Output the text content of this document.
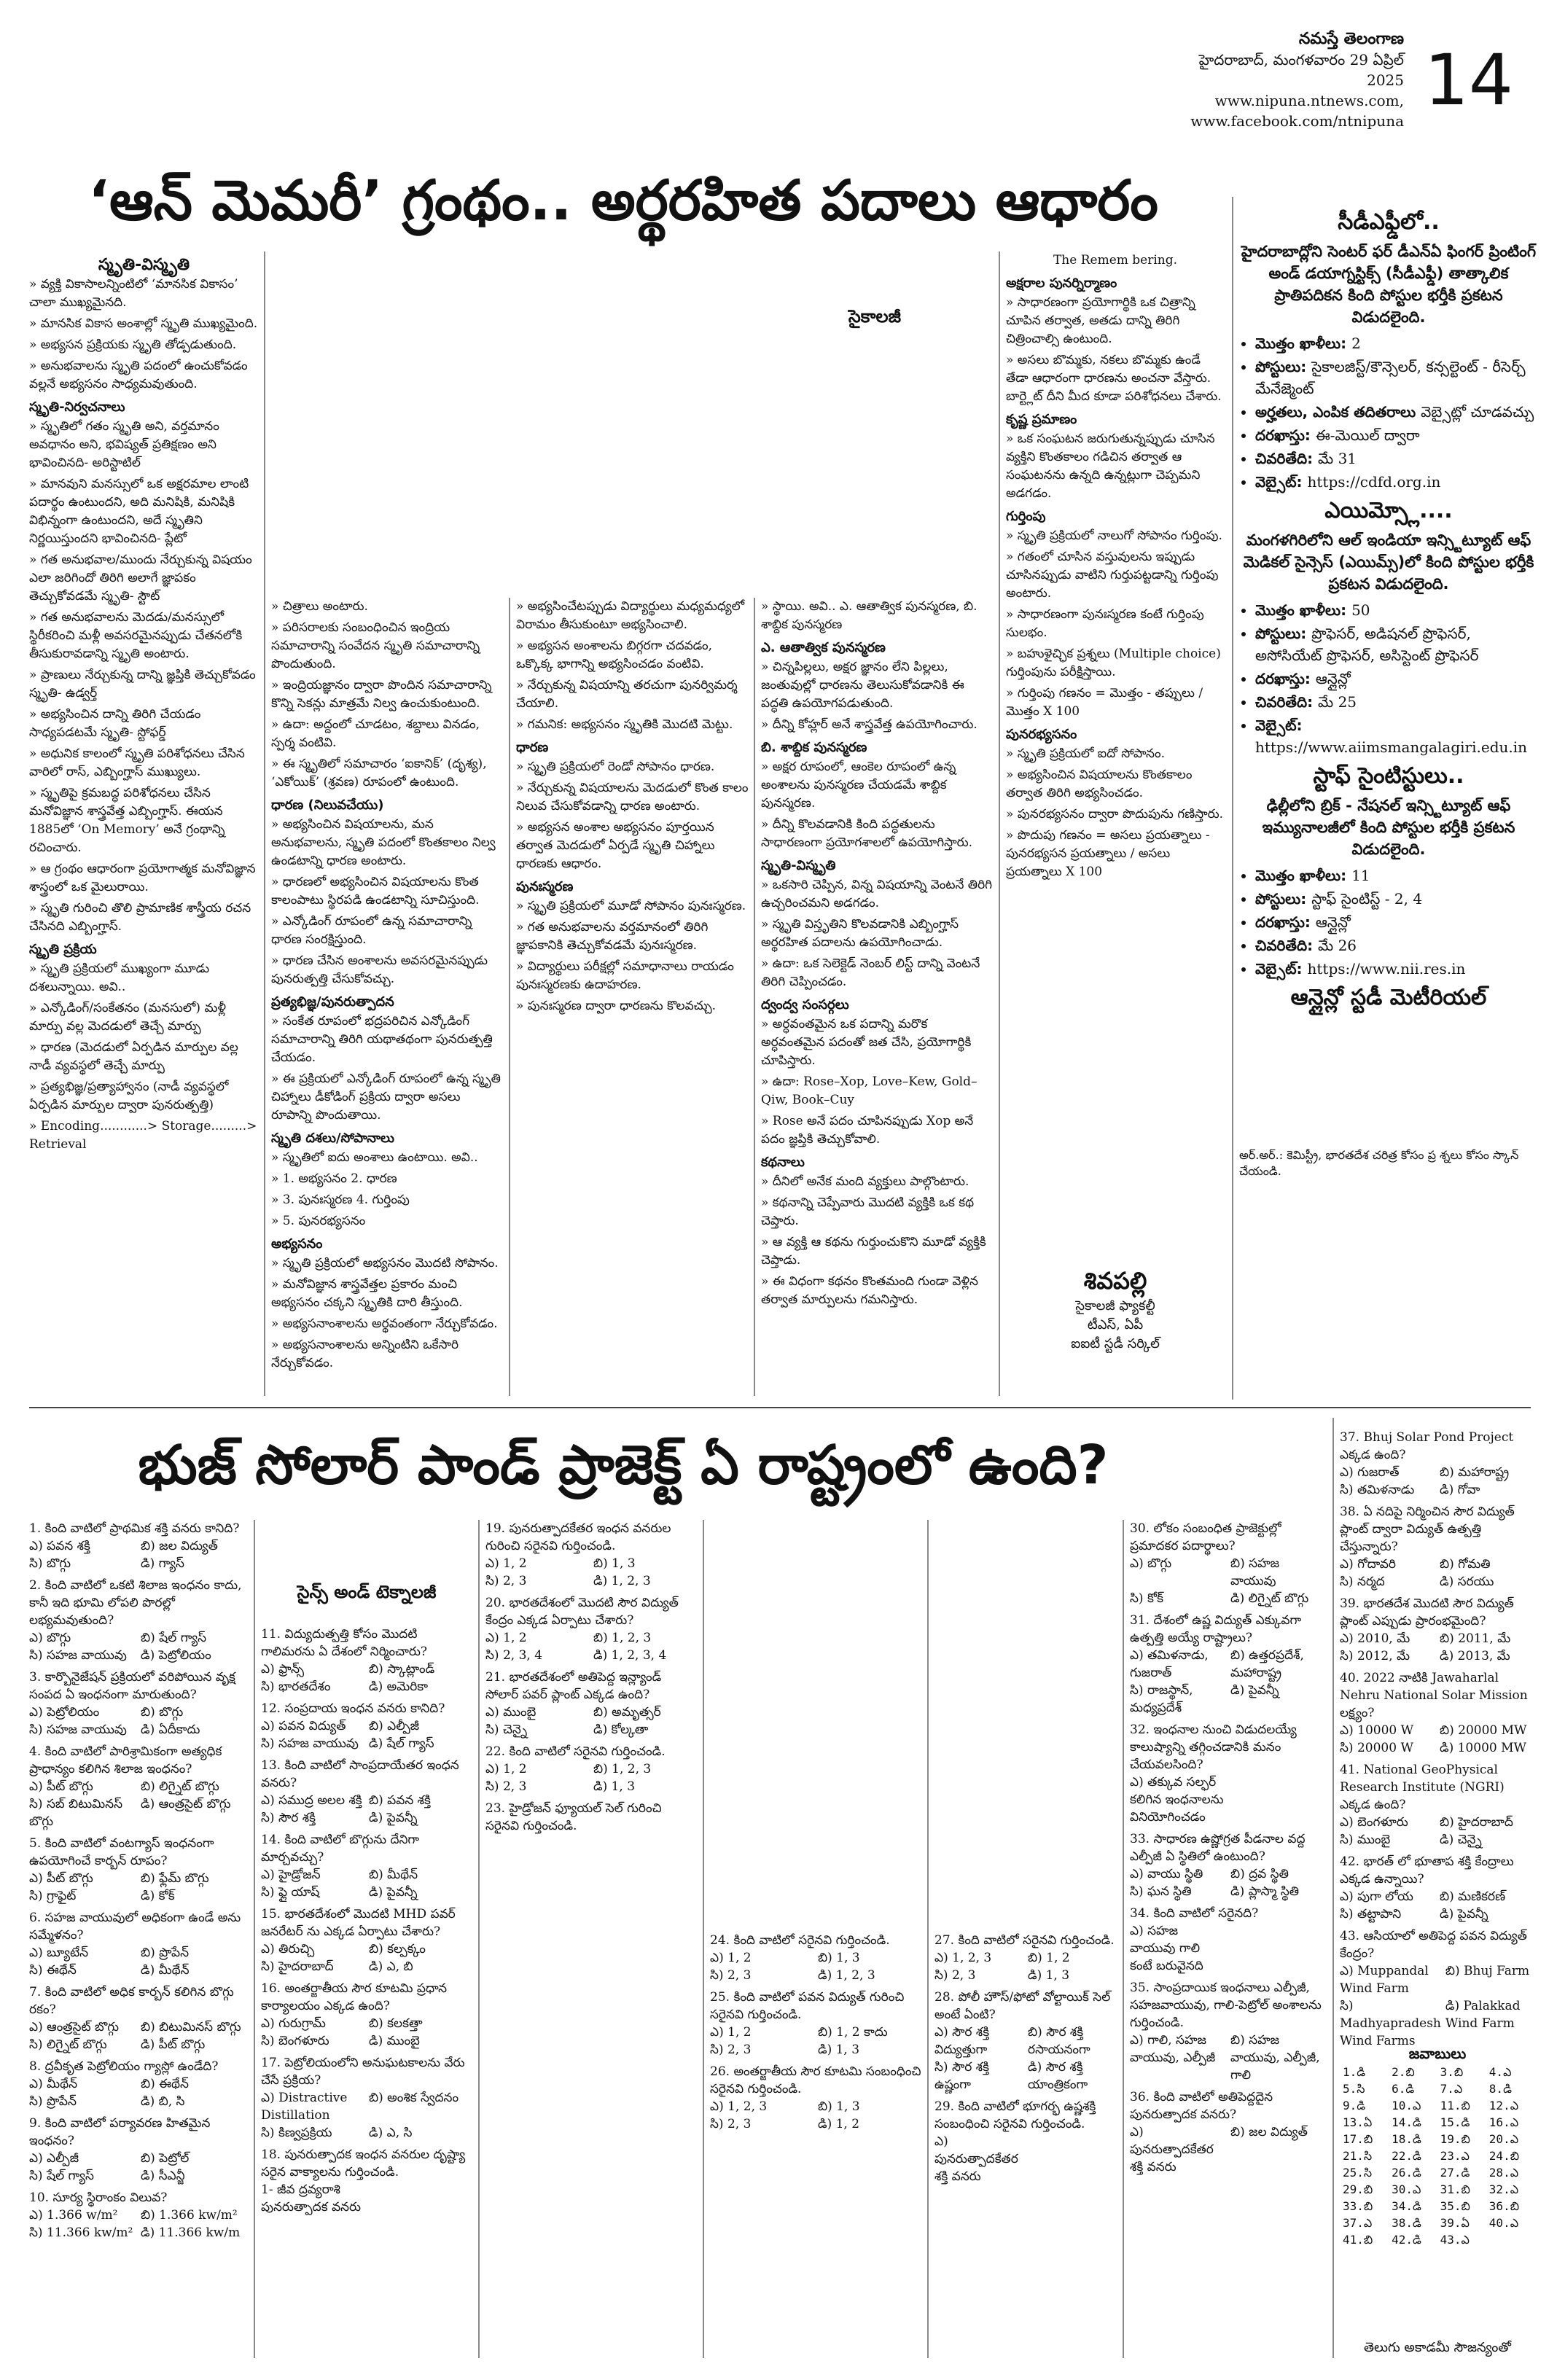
నమస్తే తెలంగాణ
హైదరాబాద్, మంగళవారం 29 ఏప్రిల్ 2025
www.nipuna.ntnews.com,
www.facebook.com/ntnipuna 14
‘ఆన్ మెమరీ’ గ్రంథం.. అర్థరహిత పదాలు ఆధారం
స్మృతి-విస్మృతి

» వ్యక్తి వికాసాలన్నింటిలో ‘మానసిక వికాసం’ చాలా ముఖ్యమైనది.

» మానసిక వికాస అంశాల్లో స్మృతి ముఖ్యమైంది.

» అభ్యసన ప్రక్రియకు స్మృతి తోడ్పడుతుంది.

» అనుభవాలను స్మృతి పదంలో ఉంచుకోవడం వల్లనే అభ్యసనం సాధ్యమవుతుంది.

స్మృతి-నిర్వచనాలు

» స్మృతిలో గతం స్మృతి అని, వర్తమానం అవధానం అని, భవిష్యత్ ప్రతిక్షణం అని భావించినది- అరిస్టాటిల్

» మానవుని మనస్సులో ఒక అక్షరమాల లాంటి పదార్థం ఉంటుందని, అది మనిషికి, మనిషికి విభిన్నంగా ఉంటుందని, అదే స్మృతిని నిర్ణయిస్తుందని భావించినది- ప్లేటో

» గత అనుభవాల/ముందు నేర్చుకున్న విషయం ఎలా జరిగిందో తిరిగి అలాగే జ్ఞాపకం తెచ్చుకోవడమే స్మృతి- స్టౌట్

» గత అనుభవాలను మెదడు/మనస్సులో స్థిరీకరించి మళ్లీ అవసరమైనప్పుడు చేతనలోకి తీసుకురావడాన్ని స్మృతి అంటారు.

» ప్రాణులు నేర్చుకున్న దాన్ని జ్ఞప్తికి తెచ్చుకోవడం స్మృతి- ఉడ్వర్త్

» అభ్యసించిన దాన్ని తిరిగి చేయడం సాధ్యపడటమే స్మృతి- స్టోఫర్డ్

» అధునిక కాలంలో స్మృతి పరిశోధనలు చేసిన వారిలో రాస్, ఎబ్బింగ్హాస్ ముఖ్యులు.

» స్మృతిపై క్రమబద్ధ పరిశోధనలు చేసిన మనోవిజ్ఞాన శాస్త్రవేత్త ఎబ్బింగ్హాస్. ఈయన 1885లో ‘On Memory’ అనే గ్రంథాన్ని రచించారు.

» ఆ గ్రంథం ఆధారంగా ప్రయోగాత్మక మనోవిజ్ఞాన శాస్త్రంలో ఒక మైలురాయి.

» స్మృతి గురించి తొలి ప్రామాణిక శాస్త్రీయ రచన చేసినది ఎబ్బింగ్హాస్.

స్మృతి ప్రక్రియ

» స్మృతి ప్రక్రియలో ముఖ్యంగా మూడు దశలున్నాయి. అవి..

» ఎన్కోడింగ్/సంకేతనం (మనసులో) మళ్లీ మార్పు వల్ల మెదడులో తెచ్చే మార్పు

» ధారణ (మెదడులో ఏర్పడిన మార్పుల వల్ల నాడీ వ్యవస్థలో తెచ్చే మార్పు

» ప్రత్యభిజ్ఞ/ప్రత్యాహ్వానం (నాడీ వ్యవస్థలో ఏర్పడిన మార్పుల ద్వారా పునరుత్పత్తి)

» Encoding............> Storage.........> Retrieval

» చిత్రాలు అంటారు.

» పరిసరాలకు సంబంధించిన ఇంద్రియ సమాచారాన్ని సంవేదన స్మృతి సమాచారాన్ని పొందుతుంది.

» ఇంద్రియజ్ఞానం ద్వారా పొందిన సమాచారాన్ని కొన్ని సెకన్లు మాత్రమే నిల్వ ఉంచుకుంటుంది.

» ఉదా: అద్దంలో చూడటం, శబ్దాలు వినడం, స్పర్శ వంటివి.

» ఈ స్మృతిలో సమాచారం ‘ఐకానిక్’ (దృశ్య), ‘ఎకోయిక్’ (శ్రవణ) రూపంలో ఉంటుంది.

ధారణ (నిలువచేయు)

» అభ్యసించిన విషయాలను, మన అనుభవాలను, స్మృతి పదంలో కొంతకాలం నిల్వ ఉండటాన్ని ధారణ అంటారు.

» ధారణలో అభ్యసించిన విషయాలను కొంత కాలంపాటు స్థిరపడి ఉండటాన్ని సూచిస్తుంది.

» ఎన్కోడింగ్ రూపంలో ఉన్న సమాచారాన్ని ధారణ సంరక్షిస్తుంది.

» ధారణ చేసిన అంశాలను అవసరమైనప్పుడు పునరుత్పత్తి చేసుకోవచ్చు.

ప్రత్యభిజ్ఞ/పునరుత్పాదన

» సంకేత రూపంలో భద్రపరిచిన ఎన్కోడింగ్ సమాచారాన్ని తిరిగి యథాతథంగా పునరుత్పత్తి చేయడం.

» ఈ ప్రక్రియలో ఎన్కోడింగ్ రూపంలో ఉన్న స్మృతి చిహ్నాలు డీకోడింగ్ ప్రక్రియ ద్వారా అసలు రూపాన్ని పొందుతాయి.

స్మృతి దశలు/సోపానాలు

» స్మృతిలో ఐదు అంశాలు ఉంటాయి. అవి..

» 1. అభ్యసనం 2. ధారణ

» 3. పునఃస్మరణ 4. గుర్తింపు

» 5. పునరభ్యసనం

అభ్యసనం

» స్మృతి ప్రక్రియలో అభ్యసనం మొదటి సోపానం.

» మనోవిజ్ఞాన శాస్త్రవేత్తల ప్రకారం మంచి అభ్యసనం చక్కని స్మృతికి దారి తీస్తుంది.

» అభ్యసనాంశాలను అర్థవంతంగా నేర్చుకోవడం.

» అభ్యసనాంశాలను అన్నింటిని ఒకేసారి నేర్చుకోవడం.

» అభ్యసించేటప్పుడు విద్యార్థులు మధ్యమధ్యలో విరామం తీసుకుంటూ అభ్యసించాలి.

» అభ్యసన అంశాలను బిగ్గరగా చదవడం, ఒక్కొక్క భాగాన్ని అభ్యసించడం వంటివి.

» నేర్చుకున్న విషయాన్ని తరచుగా పునర్విమర్శ చేయాలి.

» గమనిక: అభ్యసనం స్మృతికి మొదటి మెట్టు.

ధారణ

» స్మృతి ప్రక్రియలో రెండో సోపానం ధారణ.

» నేర్చుకున్న విషయాలను మెదడులో కొంత కాలం నిలువ చేసుకోవడాన్ని ధారణ అంటారు.

» అభ్యసన అంశాల అభ్యసనం పూర్తయిన తర్వాత మెదడులో ఏర్పడే స్మృతి చిహ్నాలు ధారణకు ఆధారం.

పునఃస్మరణ

» స్మృతి ప్రక్రియలో మూడో సోపానం పునఃస్మరణ.

» గత అనుభవాలను వర్తమానంలో తిరిగి జ్ఞాపకానికి తెచ్చుకోవడమే పునఃస్మరణ.

» విద్యార్థులు పరీక్షల్లో సమాధానాలు రాయడం పునఃస్మరణకు ఉదాహరణ.

» పునఃస్మరణ ద్వారా ధారణను కొలవచ్చు.

సైకాలజీ

» స్థాయి. అవి.. ఎ. ఆతాత్విక పునస్మరణ, బి. శాబ్దిక పునస్మరణ

ఎ. ఆతాత్విక పునస్మరణ

» చిన్నపిల్లలు, అక్షర జ్ఞానం లేని పిల్లలు, జంతువుల్లో ధారణను తెలుసుకోవడానికి ఈ పద్ధతి ఉపయోగపడుతుంది.

» దీన్ని కోహ్లర్ అనే శాస్త్రవేత్త ఉపయోగించారు.

బి. శాబ్దిక పునస్మరణ

» అక్షర రూపంలో, ఆంకెల రూపంలో ఉన్న అంశాలను పునస్మరణ చేయడమే శాబ్దిక పునస్మరణ.

» దీన్ని కొలవడానికి కింది పద్ధతులను సాధారణంగా ప్రయోగశాలలో ఉపయోగిస్తారు.

స్మృతి-విస్మృతి

» ఒకసారి చెప్పిన, విన్న విషయాన్ని వెంటనే తిరిగి ఉచ్చరించమని అడగడం.

» స్మృతి విస్తృతిని కొలవడానికి ఎబ్బింగ్హాస్ అర్థరహిత పదాలను ఉపయోగించాడు.

» ఉదా: ఒక సెలెక్టెడ్ నెంబర్ లిస్ట్ దాన్ని వెంటనే తిరిగి చెప్పించడం.

ద్వంద్వ సంసర్గలు

» అర్ధవంతమైన ఒక పదాన్ని మరొక అర్ధవంతమైన పదంతో జత చేసి, ప్రయోగార్థికి చూపిస్తారు.

» ఉదా: Rose–Xop, Love–Kew, Gold–Qiw, Book–Cuy

» Rose అనే పదం చూపినప్పుడు Xop అనే పదం జ్ఞప్తికి తెచ్చుకోవాలి.

కథనాలు

» దీనిలో అనేక మంది వ్యక్తులు పాల్గొంటారు.

» కథనాన్ని చెప్పేవారు మొదటి వ్యక్తికి ఒక కథ చెప్తారు.

» ఆ వ్యక్తి ఆ కథను గుర్తుంచుకొని మూడో వ్యక్తికి చెప్తాడు.

» ఈ విధంగా కథనం కొంతమంది గుండా వెళ్లిన తర్వాత మార్పులను గమనిస్తారు.

The Remem bering.
అక్షరాల పునర్నిర్మాణం

» సాధారణంగా ప్రయోగార్థికి ఒక చిత్రాన్ని చూపిన తర్వాత, అతడు దాన్ని తిరిగి చిత్రించాల్సి ఉంటుంది.

» అసలు బొమ్మకు, నకలు బొమ్మకు ఉండే తేడా ఆధారంగా ధారణను అంచనా వేస్తారు. బార్ట్లెట్ దీని మీద కూడా పరిశోధనలు చేశారు.

కృష్ణ ప్రమాణం

» ఒక సంఘటన జరుగుతున్నప్పుడు చూసిన వ్యక్తిని కొంతకాలం గడిచిన తర్వాత ఆ సంఘటనను ఉన్నది ఉన్నట్లుగా చెప్పమని అడగడం.

గుర్తింపు

» స్మృతి ప్రక్రియలో నాలుగో సోపానం గుర్తింపు.

» గతంలో చూసిన వస్తువులను ఇప్పుడు చూసినప్పుడు వాటిని గుర్తుపట్టడాన్ని గుర్తింపు అంటారు.

» సాధారణంగా పునఃస్మరణ కంటే గుర్తింపు సులభం.

» బహుళైచ్ఛిక ప్రశ్నలు (Multiple choice) గుర్తింపును పరీక్షిస్తాయి.

» గుర్తింపు గణనం = మొత్తం - తప్పులు / మొత్తం X 100

పునరభ్యసనం

» స్మృతి ప్రక్రియలో ఐదో సోపానం.

» అభ్యసించిన విషయాలను కొంతకాలం తర్వాత తిరిగి అభ్యసించడం.

» పునరభ్యసనం ద్వారా పొదుపును గణిస్తారు.

» పొదుపు గణనం = అసలు ప్రయత్నాలు - పునరభ్యసన ప్రయత్నాలు / అసలు ప్రయత్నాలు X 100

శివపల్లి
సైకాలజీ ఫ్యాకల్టీ
టీఎస్, ఏపీ
ఐఐటీ స్టడీ సర్కిల్
సీడీఎఫ్డీలో..
హైదరాబాద్లోని సెంటర్ ఫర్ డీఎన్ఏ ఫింగర్ ప్రింటింగ్ అండ్ డయాగ్నస్టిక్స్ (సీడీఎఫ్డీ) తాత్కాలిక ప్రాతిపదికన కింది పోస్టుల భర్తీకి ప్రకటన విడుదలైంది.
• మొత్తం ఖాళీలు: 2
• పోస్టులు: సైకాలజిస్ట్/కౌన్సెలర్, కన్సల్టెంట్ - రీసెర్చ్ మేనేజ్మెంట్
• అర్హతలు, ఎంపిక తదితరాలు వెబ్సైట్లో చూడవచ్చు
• దరఖాస్తు: ఈ-మెయిల్ ద్వారా
• చివరితేది: మే 31
• వెబ్సైట్: https://cdfd.org.in
ఎయిమ్స్లో....
మంగళగిరిలోని ఆల్ ఇండియా ఇన్స్టిట్యూట్ ఆఫ్ మెడికల్ సైన్సెస్ (ఎయిమ్స్)లో కింది పోస్టుల భర్తీకి ప్రకటన విడుదలైంది.
• మొత్తం ఖాళీలు: 50
• పోస్టులు: ప్రొఫెసర్, అడిషనల్ ప్రొఫెసర్, అసోసియేట్ ప్రొఫెసర్, అసిస్టెంట్ ప్రొఫెసర్
• దరఖాస్తు: ఆన్లైన్లో
• చివరితేది: మే 25
• వెబ్సైట్: https://www.aiimsmangalagiri.edu.in
స్టాఫ్ సైంటిస్టులు..
ఢిల్లీలోని బ్రిక్ - నేషనల్ ఇన్స్టిట్యూట్ ఆఫ్ ఇమ్యునాలజీలో కింది పోస్టుల భర్తీకి ప్రకటన విడుదలైంది.
• మొత్తం ఖాళీలు: 11
• పోస్టులు: స్టాఫ్ సైంటిస్ట్ - 2, 4
• దరఖాస్తు: ఆన్లైన్లో
• చివరితేది: మే 26
• వెబ్సైట్: https://www.nii.res.in
ఆన్లైన్లో స్టడీ మెటీరియల్
అర్.అర్.: కెమిస్ట్రీ, భారతదేశ చరిత్ర కోసం ప్ర శ్నలు కోసం స్కాన్ చేయండి.
భుజ్ సోలార్ పాండ్ ప్రాజెక్ట్ ఏ రాష్ట్రంలో ఉంది?
1. కింది వాటిలో ప్రాథమిక శక్తి వనరు కానిది?
ఎ) పవన శక్తి	బి) జల విద్యుత్
సి) బొగ్గు	డి) గ్యాస్
2. కింది వాటిలో ఒకటి శిలాజ ఇంధనం కాదు, కానీ ఇది భూమి లోపలి పొరల్లో లభ్యమవుతుంది?
ఎ) బొగ్గు	బి) షేల్ గ్యాస్
సి) సహజ వాయువు	డి) పెట్రోలియం
3. కార్బొనైజేషన్ ప్రక్రియలో వరిపోయిన వృక్ష సంపద ఏ ఇంధనంగా మారుతుంది?
ఎ) పెట్రోలియం	బి) బొగ్గు
సి) సహజ వాయువు	డి) ఏదీకాదు
4. కింది వాటిలో పారిశ్రామికంగా అత్యధిక ప్రాధాన్యం కలిగిన శిలాజ ఇంధనం?
ఎ) పీట్ బొగ్గు	బి) లిగ్నైట్ బొగ్గు
సి) సబ్ బిటుమినస్ బొగ్గు
డి) ఆంత్రసైట్ బొగ్గు
5. కింది వాటిలో వంటగ్యాస్ ఇంధనంగా ఉపయోగించే కార్బన్ రూపం?
ఎ) పీట్ బొగ్గు	బి) ఫ్లేమ్ బొగ్గు
సి) గ్రాఫైట్	డి) కోక్
6. సహజ వాయువులో అధికంగా ఉండే అను సమ్మేళనం?
ఎ) బ్యూటేన్	బి) ప్రొపేన్
సి) ఈథేన్	డి) మీథేన్
7. కింది వాటిలో అధిక కార్బన్ కలిగిన బొగ్గు రకం?
ఎ) ఆంత్రసైట్ బొగ్గు	బి) బిటుమినస్ బొగ్గు
సి) లిగ్నైట్ బొగ్గు	డి) పీట్ బొగ్గు
8. ద్రవీకృత పెట్రోలియం గ్యాస్లో ఉండేది?
ఎ) మీథేన్	బి) ఈథేన్
సి) ప్రొపేన్	డి) బి, సి
9. కింది వాటిలో పర్యావరణ హితమైన ఇంధనం?
ఎ) ఎల్పీజీ	బి) పెట్రోల్
సి) షేల్ గ్యాస్	డి) సీఎన్జీ
10. సూర్య స్థిరాంకం విలువ?
ఎ) 1.366 w/m²	బి) 1.366 kw/m²
సి) 11.366 kw/m² డి) 11.366 kw/m
సైన్స్ అండ్ టెక్నాలజీ
11. విద్యుదుత్పత్తి కోసం మొదటి గాలిమరను ఏ దేశంలో నిర్మించారు?
ఎ) ఫ్రాన్స్	బి) స్కాట్లాండ్
సి) భారతదేశం	డి) అమెరికా
12. సంప్రదాయ ఇంధన వనరు కానిది?
ఎ) పవన విద్యుత్	బి) ఎల్పీజీ
సి) సహజ వాయువు డి) షేల్ గ్యాస్
13. కింది వాటిలో సాంప్రదాయేతర ఇంధన వనరు?
ఎ) సముద్ర అలల శక్తి బి) పవన శక్తి
సి) సౌర శక్తి	డి) పైవన్నీ
14. కింది వాటిలో బొగ్గును దేనిగా మార్చవచ్చు?
ఎ) హైడ్రోజన్	బి) మీథేన్
సి) ఫ్లై యాష్	డి) పైవన్నీ
15. భారతదేశంలో మొదటి MHD పవర్ జనరేటర్ ను ఎక్కడ ఏర్పాటు చేశారు?
ఎ) తిరుచ్చి	బి) కల్పక్కం
సి) హైదరాబాద్	డి) ఎ, బి
16. అంతర్జాతీయ సౌర కూటమి ప్రధాన కార్యాలయం ఎక్కడ ఉంది?
ఎ) గురుగ్రామ్	బి) కలకత్తా
సి) బెంగళూరు	డి) ముంబై
17. పెట్రోలియంలోని అనుఘటకాలను వేరు చేసే ప్రక్రియ?
ఎ) Distractive Distillation
బి) అంశిక స్వేదనం
సి) కిణ్వప్రక్రియ	డి) ఎ, సి
18. పునరుత్పాదక ఇంధన వనరుల దృష్ట్యా సరైన వాక్యాలను గుర్తించండి.
1- జీవ ద్రవ్యరాశి పునరుత్పాదక వనరు
19. పునరుత్పాదకేతర ఇంధన వనరుల గురించి సరైనవి గుర్తించండి.
ఎ) 1, 2	బి) 1, 3
సి) 2, 3	డి) 1, 2, 3
20. భారతదేశంలో మొదటి సౌర విద్యుత్ కేంద్రం ఎక్కడ ఏర్పాటు చేశారు?
ఎ) 1, 2	బి) 1, 2, 3
సి) 2, 3, 4	డి) 1, 2, 3, 4
21. భారతదేశంలో అతిపెద్ద ఇన్ల్యాండ్ సోలార్ పవర్ ప్లాంట్ ఎక్కడ ఉంది?
ఎ) ముంబై	బి) అమృత్సర్
సి) చెన్నై	డి) కోల్కతా
22. కింది వాటిలో సరైనవి గుర్తించండి.
ఎ) 1, 2	బి) 1, 2, 3
సి) 2, 3	డి) 1, 3
23. హైడ్రోజన్ ఫ్యూయల్ సెల్ గురించి సరైనవి గుర్తించండి.
24. కింది వాటిలో సరైనవి గుర్తించండి.
ఎ) 1, 2	బి) 1, 3
సి) 2, 3	డి) 1, 2, 3
25. కింది వాటిలో పవన విద్యుత్ గురించి సరైనవి గుర్తించండి.
ఎ) 1, 2	బి) 1, 2 కాదు
సి) 2, 3	డి) 1, 3
26. అంతర్జాతీయ సౌర కూటమి సంబంధించి సరైనవి గుర్తించండి.
ఎ) 1, 2, 3	బి) 1, 3
సి) 2, 3	డి) 1, 2
27. కింది వాటిలో సరైనవి గుర్తించండి.
ఎ) 1, 2, 3	బి) 1, 2
సి) 2, 3	డి) 1, 3
28. పోలీ హౌస్/ఫోటో వోల్టాయిక్ సెల్ అంటే ఏంటి?
ఎ) సౌర శక్తి విద్యుత్తుగా
బి) సౌర శక్తి రసాయనంగా
సి) సౌర శక్తి ఉష్ణంగా
డి) సౌర శక్తి యాంత్రికంగా
29. కింది వాటిలో భూగర్భ ఉష్ణశక్తి సంబంధించి సరైనవి గుర్తించండి.
ఎ) పునరుత్పాదకేతర శక్తి వనరు
30. లోకం సంబంధిత ప్రాజెక్టుల్లో ప్రమాదకర పదార్థాలు?
ఎ) బొగ్గు	బి) సహజ వాయువు
సి) కోక్	డి) లిగ్నైట్ బొగ్గు
31. దేశంలో ఉష్ణ విద్యుత్ ఎక్కువగా ఉత్పత్తి అయ్యే రాష్ట్రాలు?
ఎ) తమిళనాడు, గుజరాత్
బి) ఉత్తరప్రదేశ్, మహారాష్ట్ర
సి) రాజస్థాన్, మధ్యప్రదేశ్
డి) పైవన్నీ
32. ఇంధనాల నుంచి విడుదలయ్యే కాలుష్యాన్ని తగ్గించడానికి మనం చేయవలసింది?
ఎ) తక్కువ సల్ఫర్ కలిగిన ఇంధనాలను వినియోగించడం
33. సాధారణ ఉష్ణోగ్రత పీడనాల వద్ద ఎల్పీజీ ఏ స్థితిలో ఉంటుంది?
ఎ) వాయు స్థితి	బి) ద్రవ స్థితి
సి) ఘన స్థితి	డి) ప్లాస్మా స్థితి
34. కింది వాటిలో సరైనది?
ఎ) సహజ వాయువు గాలి కంటే బరువైనది
35. సాంప్రదాయిక ఇంధనాలు ఎల్పీజీ, సహజవాయువు, గాలి-పెట్రోల్ అంశాలను గుర్తించండి.
ఎ) గాలి, సహజ వాయువు, ఎల్పీజీ
బి) సహజ వాయువు, ఎల్పీజీ, గాలి
36. కింది వాటిలో అతిపెద్దదైన పునరుత్పాదక వనరు?
ఎ) పునరుత్పాదకేతర శక్తి వనరు
బి) జల విద్యుత్
37. Bhuj Solar Pond Project ఎక్కడ ఉంది?
ఎ) గుజరాత్	బి) మహారాష్ట్ర
సి) తమిళనాడు	డి) గోవా
38. ఏ నదిపై నిర్మించిన సౌర విద్యుత్ ప్లాంట్ ద్వారా విద్యుత్ ఉత్పత్తి చేస్తున్నారు?
ఎ) గోదావరి	బి) గోమతి
సి) నర్మద	డి) సరయు
39. భారతదేశ మొదటి సౌర విద్యుత్ ప్లాంట్ ఎప్పుడు ప్రారంభమైంది?
ఎ) 2010, మే	బి) 2011, మే
సి) 2012, మే	డి) 2013, మే
40. 2022 నాటికి Jawaharlal Nehru National Solar Mission లక్ష్యం?
ఎ) 10000 W	బి) 20000 MW
సి) 20000 W	డి) 10000 MW
41. National GeoPhysical Research Institute (NGRI) ఎక్కడ ఉంది?
ఎ) బెంగళూరు	బి) హైదరాబాద్
సి) ముంబై	డి) చెన్నై
42. భారత్ లో భూతాప శక్తి కేంద్రాలు ఎక్కడ ఉన్నాయి?
ఎ) పుగా లోయ	బి) మణికరణ్
సి) తట్టాపాని	డి) పైవన్నీ
43. ఆసియాలో అతిపెద్ద పవన విద్యుత్ కేంద్రం?
ఎ) Muppandal Wind Farm
బి) Bhuj Farm
సి) Madhyapradesh Wind Farms
డి) Palakkad Wind Farm
జవాబులు
1.డి	2.బి	3.బి	4.ఎ
5.సి	6.డి	7.ఎ	8.డి
9.డి	10.ఎ	11.బి	12.ఎ
13.ఏ	14.డి	15.డి	16.ఎ
17.బి	18.డి	19.బి	20.ఎ
21.సి	22.డి	23.ఎ	24.బి
25.సి	26.డి	27.డి	28.ఎ
29.బి	30.ఎ	31.బి	32.ఎ
33.బి	34.డి	35.బి	36.బి
37.ఎ	38.డి	39.ఏ	40.ఎ
41.బి	42.డి	43.ఎ	
తెలుగు అకాడమీ సౌజన్యంతో
